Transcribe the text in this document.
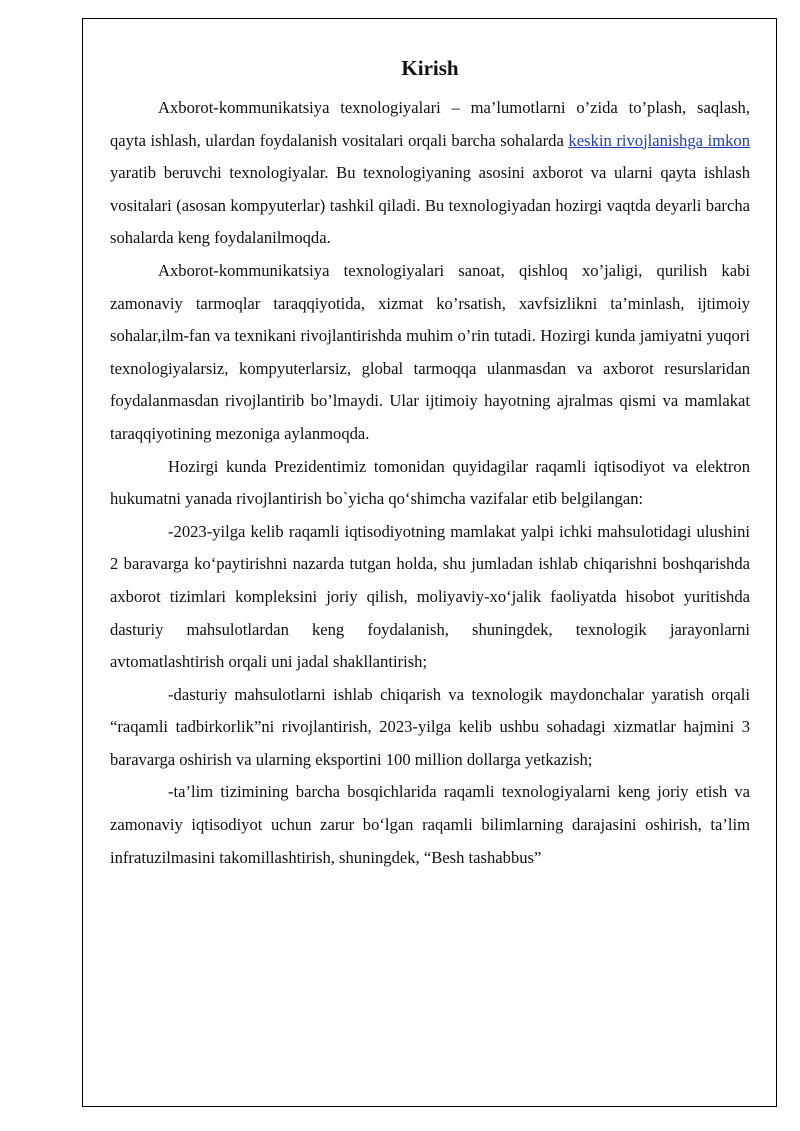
Kirish

Axborot-kommunikatsiya texnologiyalari – ma’lumotlarni o’zida to’plash, saqlash, qayta ishlash, ulardan foydalanish vositalari orqali barcha sohalarda keskin rivojlanishga imkon yaratib beruvchi texnologiyalar. Bu texnologiyaning asosini axborot va ularni qayta ishlash vositalari (asosan kompyuterlar) tashkil qiladi. Bu texnologiyadan hozirgi vaqtda deyarli barcha sohalarda keng foydalanilmoqda.

Axborot-kommunikatsiya texnologiyalari sanoat, qishloq xo’jaligi, qurilish kabi zamonaviy tarmoqlar taraqqiyotida, xizmat ko’rsatish, xavfsizlikni ta’minlash, ijtimoiy sohalar,ilm-fan va texnikani rivojlantirishda muhim o’rin tutadi. Hozirgi kunda jamiyatni yuqori texnologiyalarsiz, kompyuterlarsiz, global tarmoqqa ulanmasdan va axborot resurslaridan foydalanmasdan rivojlantirib bo’lmaydi. Ular ijtimoiy hayotning ajralmas qismi va mamlakat taraqqiyotining mezoniga aylanmoqda.

Hozirgi kunda Prezidentimiz tomonidan quyidagilar raqamli iqtisodiyot va elektron hukumatni yanada rivojlantirish bo`yicha qo‘shimcha vazifalar etib belgilangan:

-2023-yilga kelib raqamli iqtisodiyotning mamlakat yalpi ichki mahsulotidagi ulushini 2 baravarga ko‘paytirishni nazarda tutgan holda, shu jumladan ishlab chiqarishni boshqarishda axborot tizimlari kompleksini joriy qilish, moliyaviy-xo‘jalik faoliyatda hisobot yuritishda dasturiy mahsulotlardan keng foydalanish, shuningdek, texnologik jarayonlarni avtomatlashtirish orqali uni jadal shakllantirish;

-dasturiy mahsulotlarni ishlab chiqarish va texnologik maydonchalar yaratish orqali “raqamli tadbirkorlik”ni rivojlantirish, 2023-yilga kelib ushbu sohadagi xizmatlar hajmini 3 baravarga oshirish va ularning eksportini 100 million dollarga yetkazish;

-ta’lim tizimining barcha bosqichlarida raqamli texnologiyalarni keng joriy etish va zamonaviy iqtisodiyot uchun zarur bo‘lgan raqamli bilimlarning darajasini oshirish, ta’lim infratuzilmasini takomillashtirish, shuningdek, “Besh tashabbus”
